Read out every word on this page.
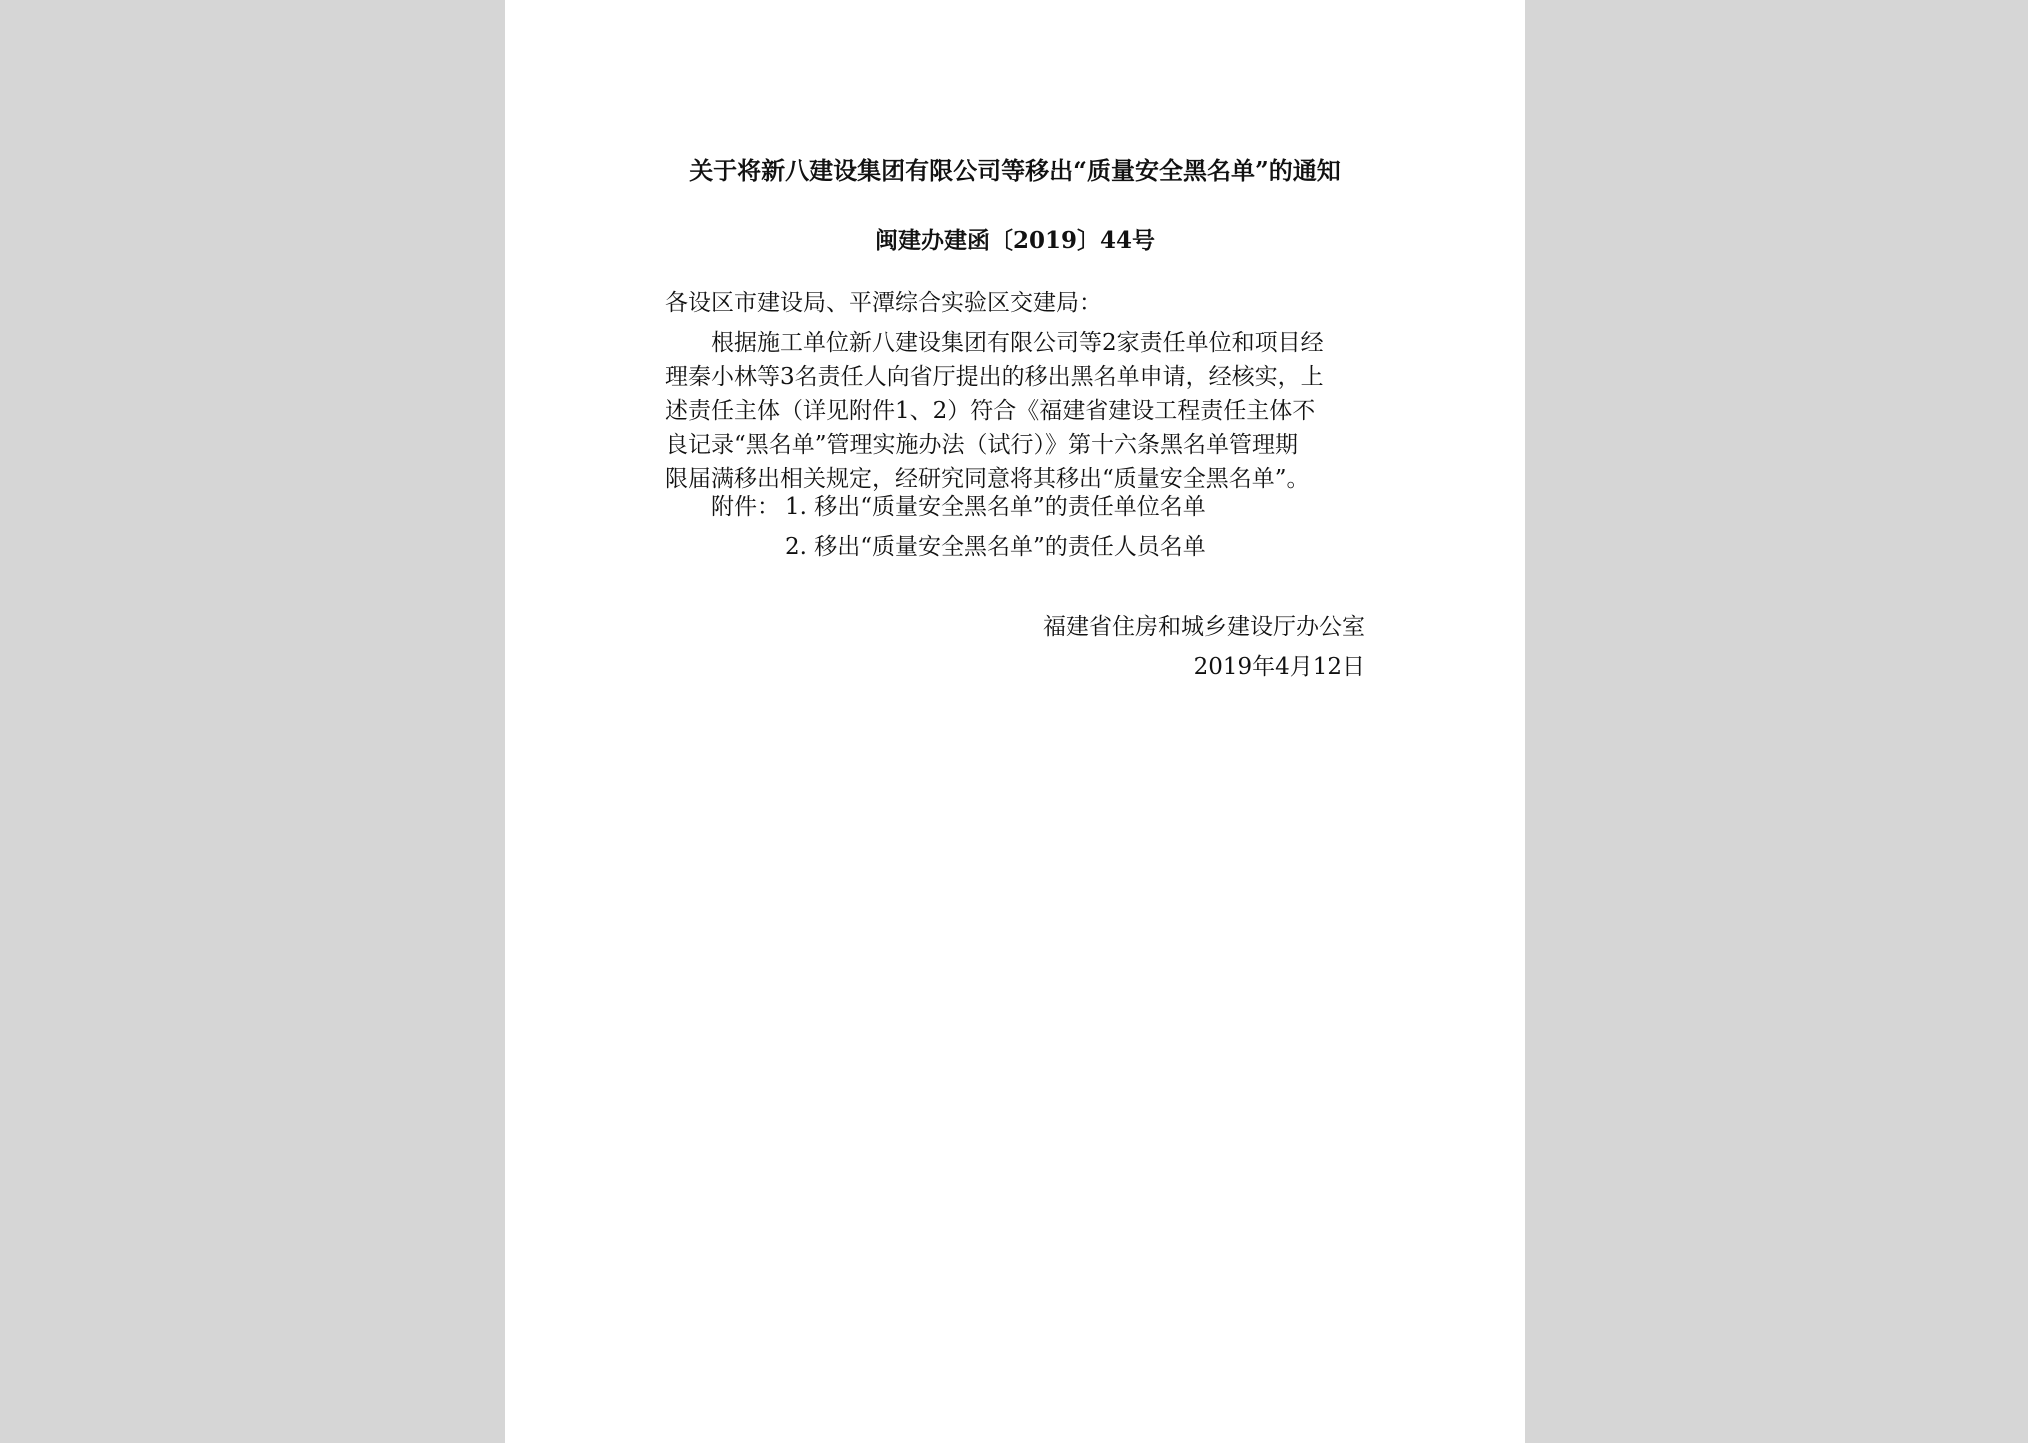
关于将新八建设集团有限公司等移出“质量安全黑名单”的通知
闽建办建函〔2019〕44号
各设区市建设局、平潭综合实验区交建局：
根据施工单位新八建设集团有限公司等2家责任单位和项目经
理秦小林等3名责任人向省厅提出的移出黑名单申请，经核实，上
述责任主体（详见附件1、2）符合《福建省建设工程责任主体不
良记录“黑名单”管理实施办法（试行）》第十六条黑名单管理期
限届满移出相关规定，经研究同意将其移出“质量安全黑名单”。
附件： 1. 移出“质量安全黑名单”的责任单位名单
2. 移出“质量安全黑名单”的责任人员名单
福建省住房和城乡建设厅办公室
2019年4月12日
